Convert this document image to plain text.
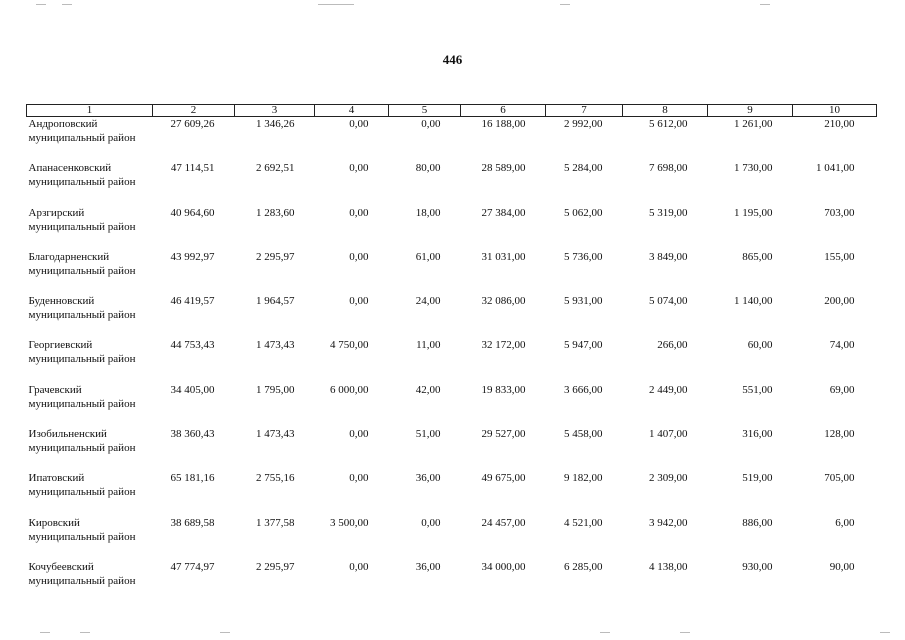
446
1	2	3	4	5	6	7	8	9	10

Андроповский
муниципальный район	27 609,26	1 346,26	0,00	0,00	16 188,00	2 992,00	5 612,00	1 261,00	210,00

Апанасенковский
муниципальный район	47 114,51	2 692,51	0,00	80,00	28 589,00	5 284,00	7 698,00	1 730,00	1 041,00

Арзгирский
муниципальный район	40 964,60	1 283,60	0,00	18,00	27 384,00	5 062,00	5 319,00	1 195,00	703,00

Благодарненский
муниципальный район	43 992,97	2 295,97	0,00	61,00	31 031,00	5 736,00	3 849,00	865,00	155,00

Буденновский
муниципальный район	46 419,57	1 964,57	0,00	24,00	32 086,00	5 931,00	5 074,00	1 140,00	200,00

Георгиевский
муниципальный район	44 753,43	1 473,43	4 750,00	11,00	32 172,00	5 947,00	266,00	60,00	74,00

Грачевский
муниципальный район	34 405,00	1 795,00	6 000,00	42,00	19 833,00	3 666,00	2 449,00	551,00	69,00

Изобильненский
муниципальный район	38 360,43	1 473,43	0,00	51,00	29 527,00	5 458,00	1 407,00	316,00	128,00

Ипатовский
муниципальный район	65 181,16	2 755,16	0,00	36,00	49 675,00	9 182,00	2 309,00	519,00	705,00

Кировский
муниципальный район	38 689,58	1 377,58	3 500,00	0,00	24 457,00	4 521,00	3 942,00	886,00	6,00

Кочубеевский
муниципальный район	47 774,97	2 295,97	0,00	36,00	34 000,00	6 285,00	4 138,00	930,00	90,00
